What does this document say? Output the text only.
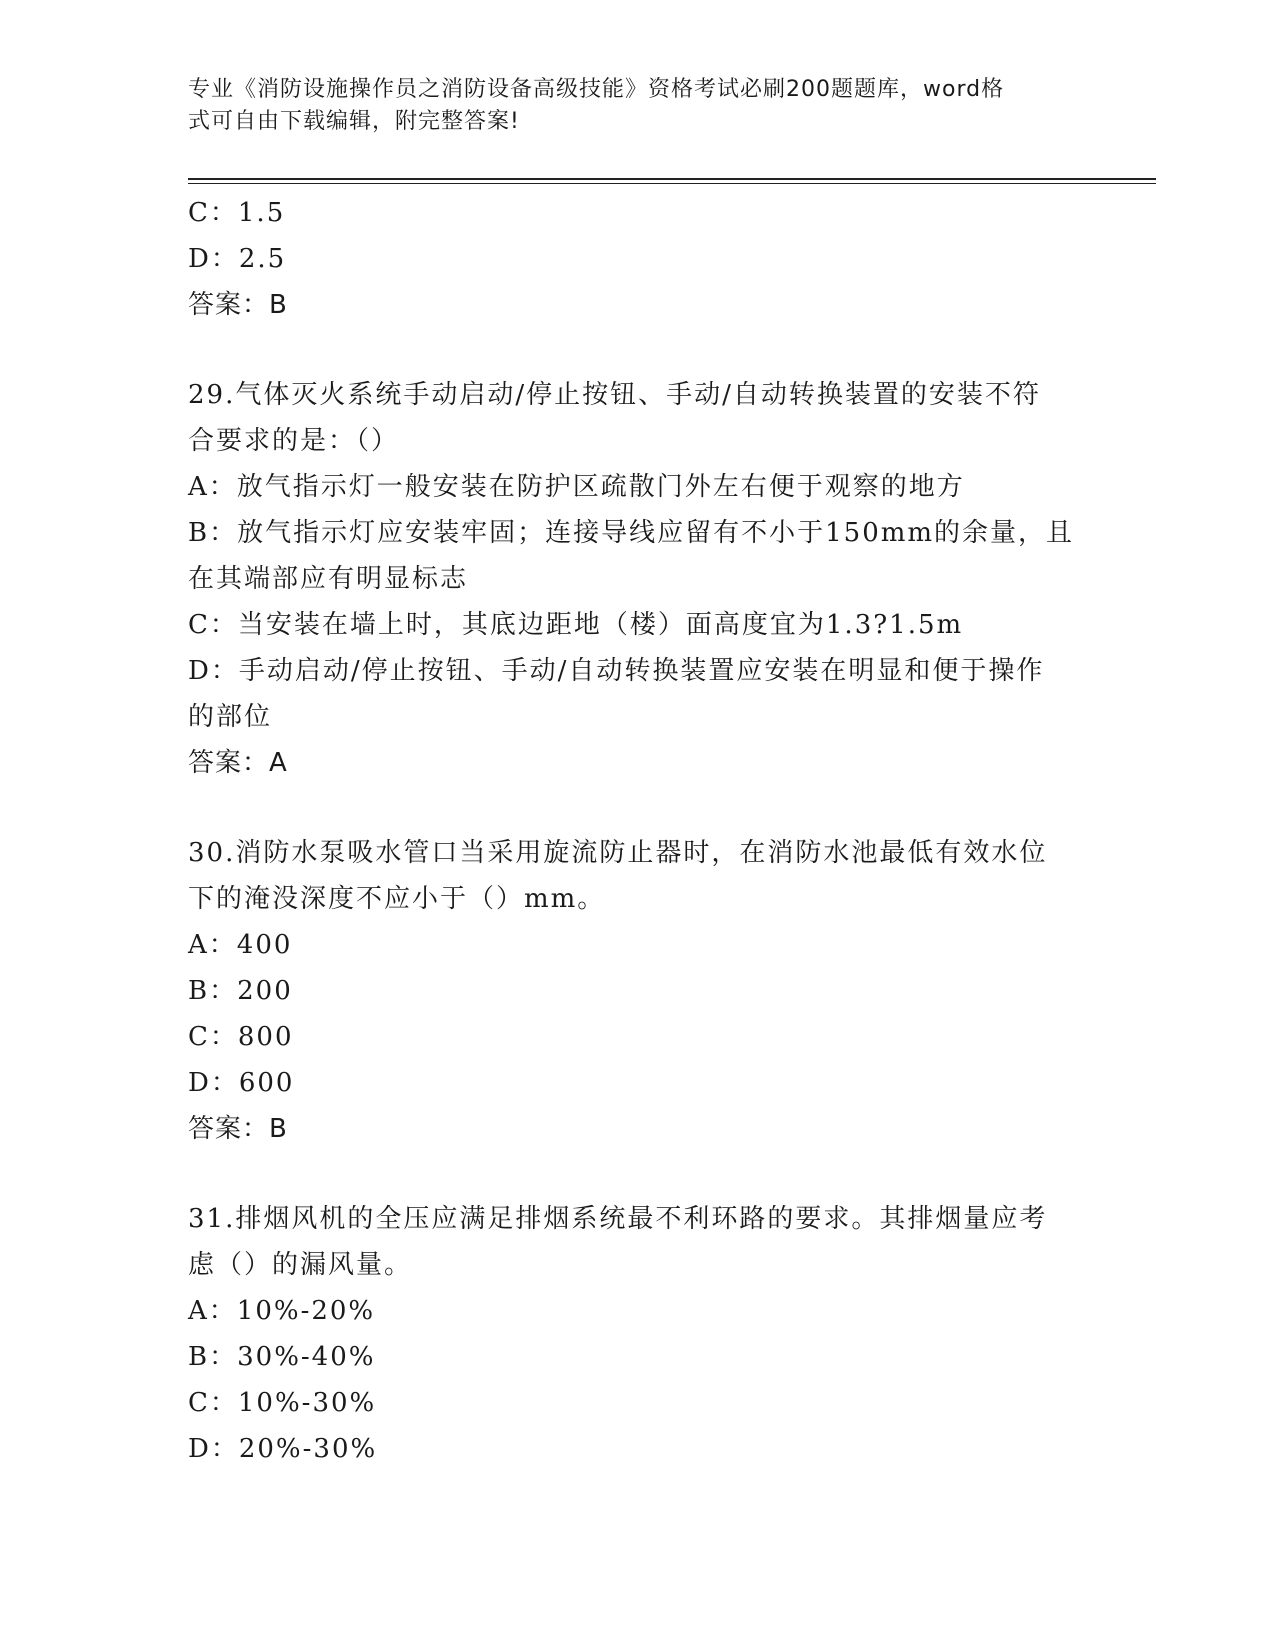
专业《消防设施操作员之消防设备高级技能》资格考试必刷200题题库，word格
式可自由下载编辑，附完整答案!
C：1.5
D：2.5
答案：B
29.气体灭火系统手动启动/停止按钮、手动/自动转换装置的安装不符
合要求的是：（）
A：放气指示灯一般安装在防护区疏散门外左右便于观察的地方
B：放气指示灯应安装牢固；连接导线应留有不小于150mm的余量，且
在其端部应有明显标志
C：当安装在墙上时，其底边距地（楼）面高度宜为1.3?1.5m
D：手动启动/停止按钮、手动/自动转换装置应安装在明显和便于操作
的部位
答案：A
30.消防水泵吸水管口当采用旋流防止器时，在消防水池最低有效水位
下的淹没深度不应小于（）mm。
A：400
B：200
C：800
D：600
答案：B
31.排烟风机的全压应满足排烟系统最不利环路的要求。其排烟量应考
虑（）的漏风量。
A：10%-20%
B：30%-40%
C：10%-30%
D：20%-30%
